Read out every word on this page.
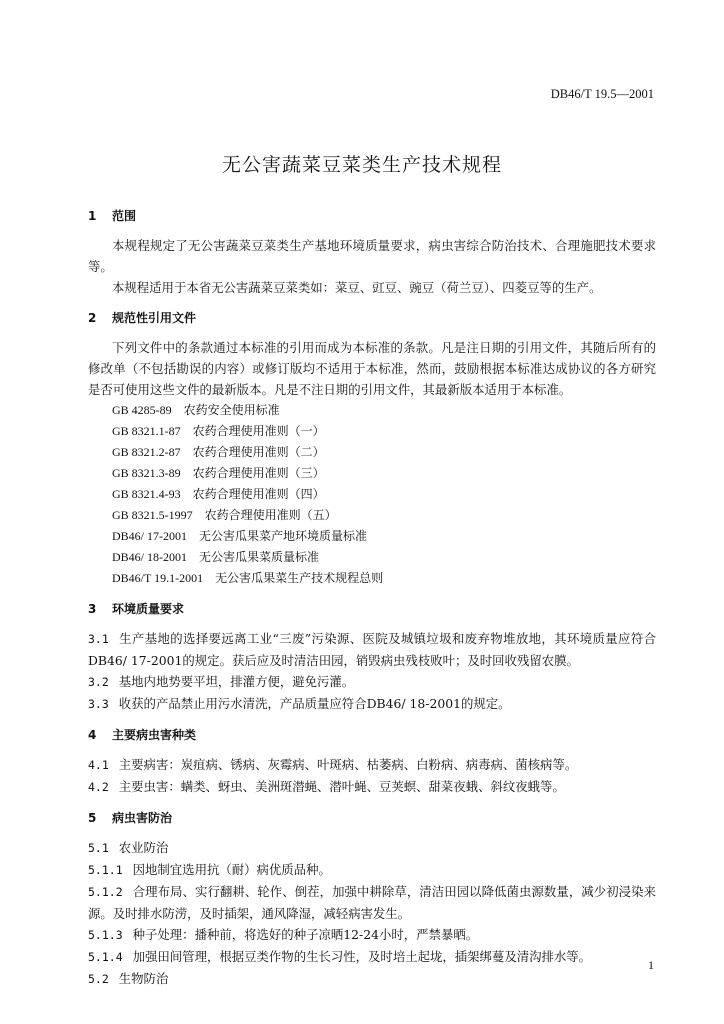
DB46/T 19.5—2001
无公害蔬菜豆菜类生产技术规程
1	范围

本规程规定了无公害蔬菜豆菜类生产基地环境质量要求，病虫害综合防治技术、合理施肥技术要求等。

本规程适用于本省无公害蔬菜豆菜类如：菜豆、豇豆、豌豆（荷兰豆）、四菱豆等的生产。

2	规范性引用文件

下列文件中的条款通过本标准的引用而成为本标准的条款。凡是注日期的引用文件，其随后所有的修改单（不包括勘误的内容）或修订版均不适用于本标准，然而，鼓励根据本标准达成协议的各方研究是否可使用这些文件的最新版本。凡是不注日期的引用文件，其最新版本适用于本标准。

GB 4285-89 农药安全使用标准

GB 8321.1-87 农药合理使用准则（一）

GB 8321.2-87 农药合理使用准则（二）

GB 8321.3-89 农药合理使用准则（三）

GB 8321.4-93 农药合理使用准则（四）

GB 8321.5-1997 农药合理使用准则（五）

DB46/ 17-2001 无公害瓜果菜产地环境质量标准

DB46/ 18-2001 无公害瓜果菜质量标准

DB46/T 19.1-2001 无公害瓜果菜生产技术规程总则

3	环境质量要求

3.1 生产基地的选择要远离工业“三废”污染源、医院及城镇垃圾和废弃物堆放地，其环境质量应符合DB46/ 17-2001的规定。获后应及时清洁田园，销毁病虫残枝败叶；及时回收残留农膜。

3.2 基地内地势要平坦，排灌方便，避免污灌。

3.3 收获的产品禁止用污水清洗，产品质量应符合DB46/ 18-2001的规定。

4	主要病虫害种类

4.1 主要病害：炭疽病、锈病、灰霉病、叶斑病、枯萎病、白粉病、病毒病、菌核病等。

4.2 主要虫害：螨类、蚜虫、美洲斑潜蝇、潜叶蝇、豆荚螟、甜菜夜蛾、斜纹夜蛾等。

5	病虫害防治

5.1 农业防治

5.1.1 因地制宜选用抗（耐）病优质品种。

5.1.2 合理布局、实行翻耕、轮作、倒茬，加强中耕除草，清洁田园以降低菌虫源数量，减少初浸染来源。及时排水防涝，及时插架，通风降湿，减轻病害发生。

5.1.3 种子处理：播种前，将选好的种子凉晒12-24小时，严禁暴晒。

5.1.4 加强田间管理，根据豆类作物的生长习性，及时培土起垅，插架绑蔓及清沟排水等。

5.2 生物防治

1
